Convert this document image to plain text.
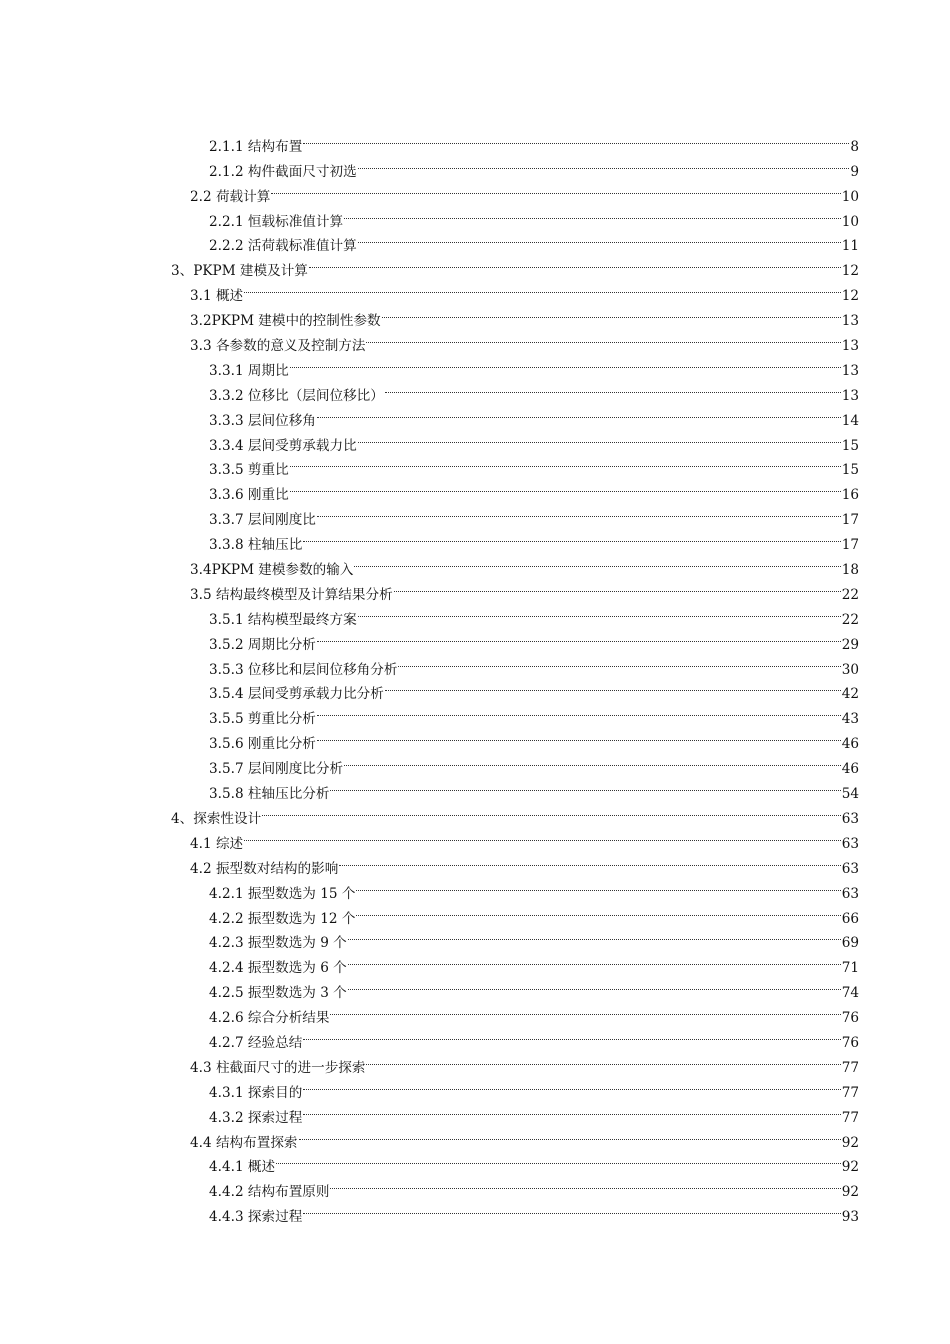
2.1.1 结构布置	8
2.1.2 构件截面尺寸初选	9
2.2 荷载计算	10
2.2.1 恒载标准值计算	10
2.2.2 活荷载标准值计算	11
3、PKPM 建模及计算	12
3.1 概述	12
3.2PKPM 建模中的控制性参数	13
3.3 各参数的意义及控制方法	13
3.3.1 周期比	13
3.3.2 位移比（层间位移比）	13
3.3.3 层间位移角	14
3.3.4 层间受剪承载力比	15
3.3.5 剪重比	15
3.3.6 刚重比	16
3.3.7 层间刚度比	17
3.3.8 柱轴压比	17
3.4PKPM 建模参数的输入	18
3.5 结构最终模型及计算结果分析	22
3.5.1 结构模型最终方案	22
3.5.2 周期比分析	29
3.5.3 位移比和层间位移角分析	30
3.5.4 层间受剪承载力比分析	42
3.5.5 剪重比分析	43
3.5.6 刚重比分析	46
3.5.7 层间刚度比分析	46
3.5.8 柱轴压比分析	54
4、探索性设计	63
4.1 综述	63
4.2 振型数对结构的影响	63
4.2.1 振型数选为 15 个	63
4.2.2 振型数选为 12 个	66
4.2.3 振型数选为 9 个	69
4.2.4 振型数选为 6 个	71
4.2.5 振型数选为 3 个	74
4.2.6 综合分析结果	76
4.2.7 经验总结	76
4.3 柱截面尺寸的进一步探索	77
4.3.1 探索目的	77
4.3.2 探索过程	77
4.4 结构布置探索	92
4.4.1 概述	92
4.4.2 结构布置原则	92
4.4.3 探索过程	93
